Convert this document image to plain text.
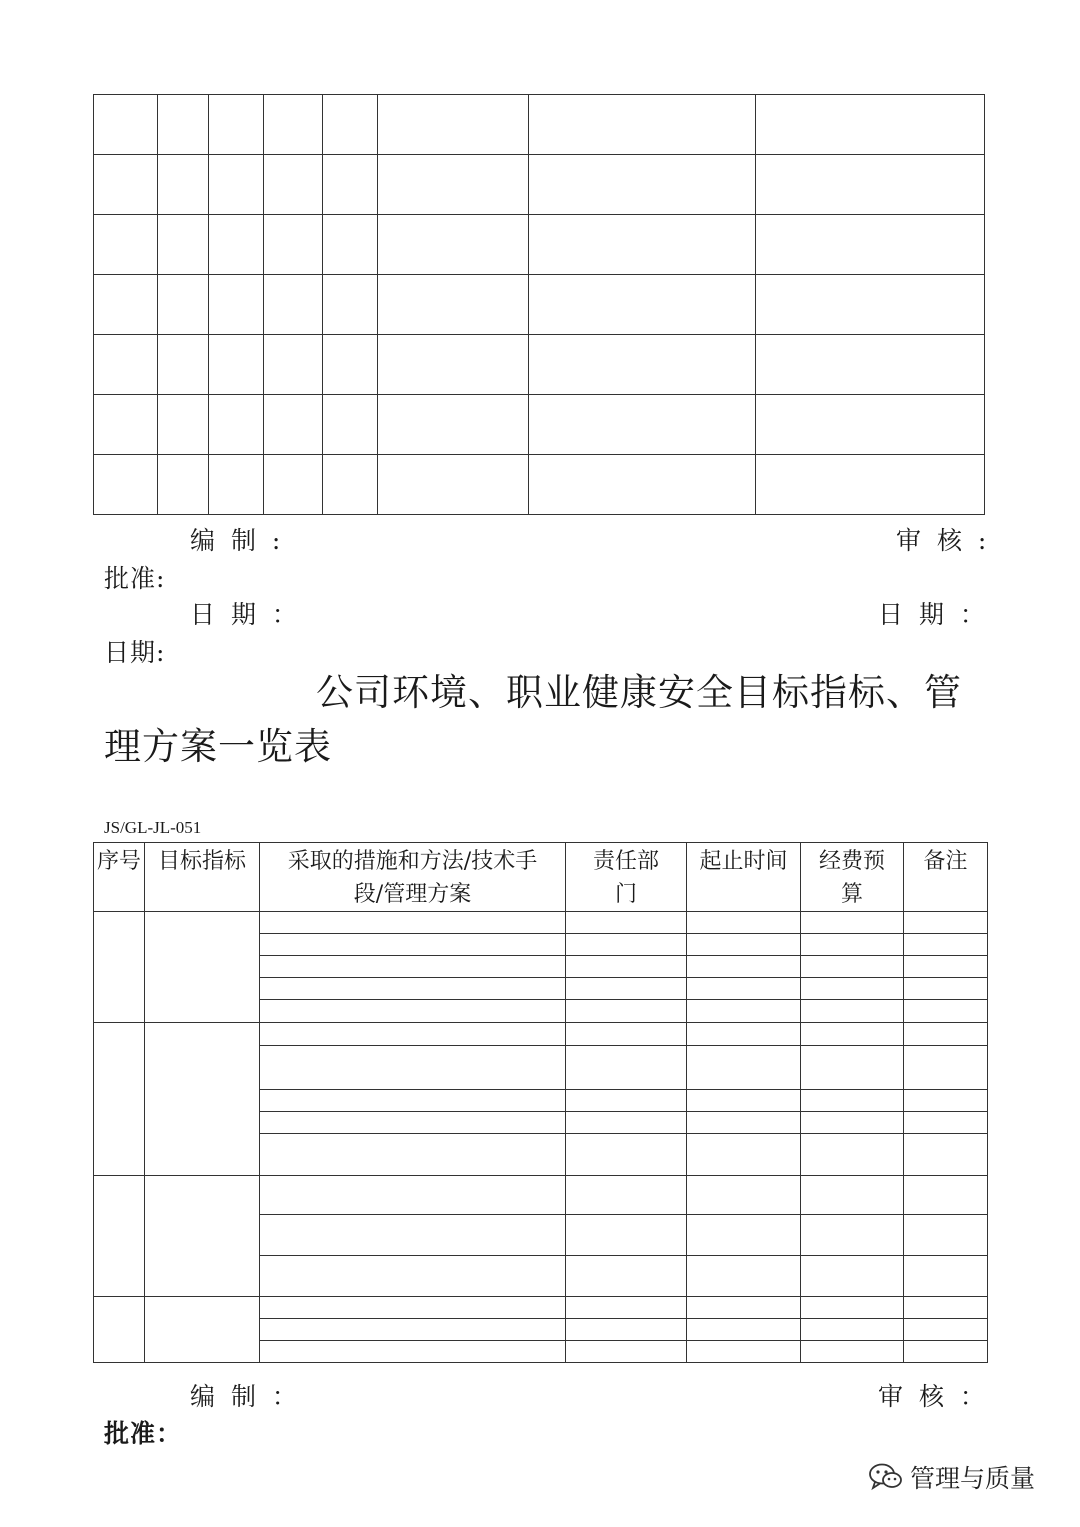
编 制 :	审 核 :
批准:
日 期 ：	日 期 ：
日期:
公司环境、职业健康安全目标指标、管理方案一览表
JS/GL-JL-051
序号	目标指标	采取的措施和方法/技术手段/管理方案	责任部门	起止时间	经费预算	备注

编 制 ：	审 核 ：
批准：
管理与质量
